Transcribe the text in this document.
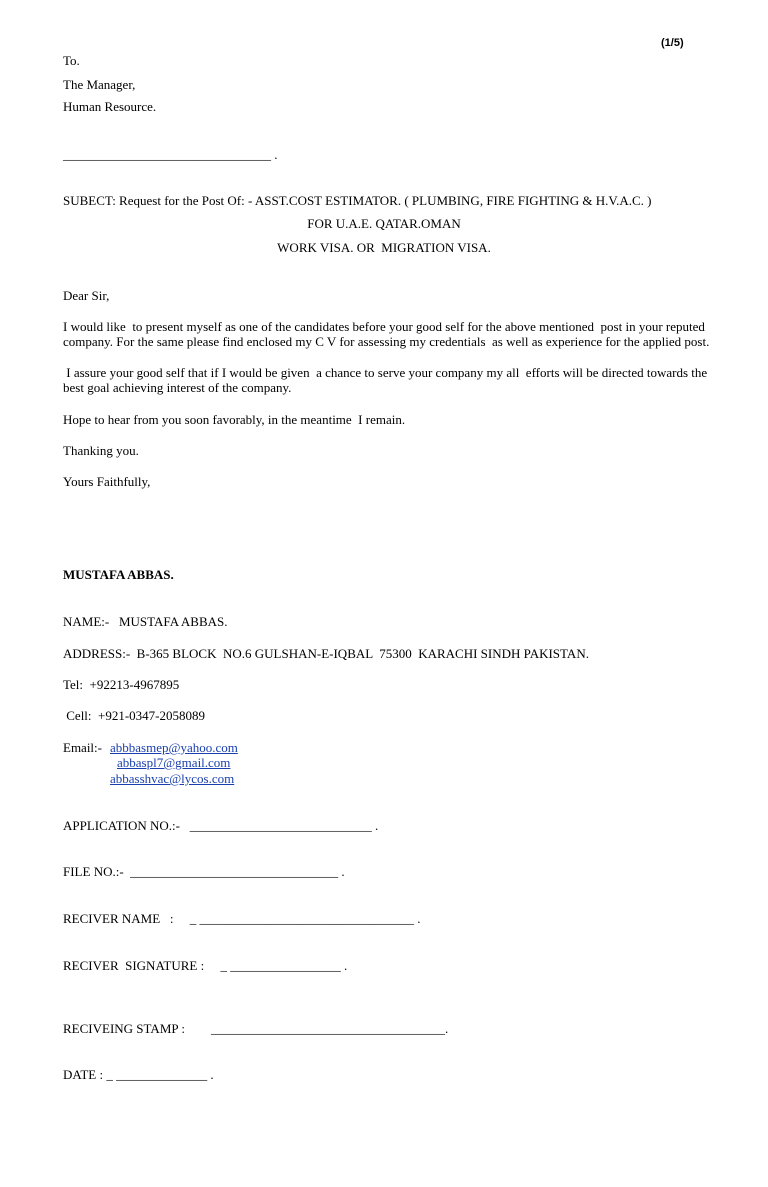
(1/5)
To.
The Manager,
Human Resource.
________________________________ .
SUBECT: Request for the Post Of: - ASST.COST ESTIMATOR. ( PLUMBING, FIRE FIGHTING & H.V.A.C. )
FOR U.A.E. QATAR.OMAN
WORK VISA. OR  MIGRATION VISA.
Dear Sir,
I would like  to present myself as one of the candidates before your good self for the above mentioned  post in your reputed
company. For the same please find enclosed my C V for assessing my credentials  as well as experience for the applied post.
I assure your good self that if I would be given  a chance to serve your company my all  efforts will be directed towards the
best goal achieving interest of the company.
Hope to hear from you soon favorably, in the meantime  I remain.
Thanking you.
Yours Faithfully,
MUSTAFA ABBAS.
NAME:-   MUSTAFA ABBAS.
ADDRESS:-  B-365 BLOCK  NO.6 GULSHAN-E-IQBAL  75300  KARACHI SINDH PAKISTAN.
Tel:  +92213-4967895
Cell:  +921-0347-2058089
Email:- abbbasmep@yahoo.com
abbaspl7@gmail.com
abbasshvac@lycos.com
APPLICATION NO.:-   ____________________________ .
FILE NO.:-  ________________________________ .
RECIVER NAME   :     _ _________________________________ .
RECIVER  SIGNATURE :     _ _________________ .
RECIVEING STAMP :        ____________________________________.
DATE : _ ______________ .
